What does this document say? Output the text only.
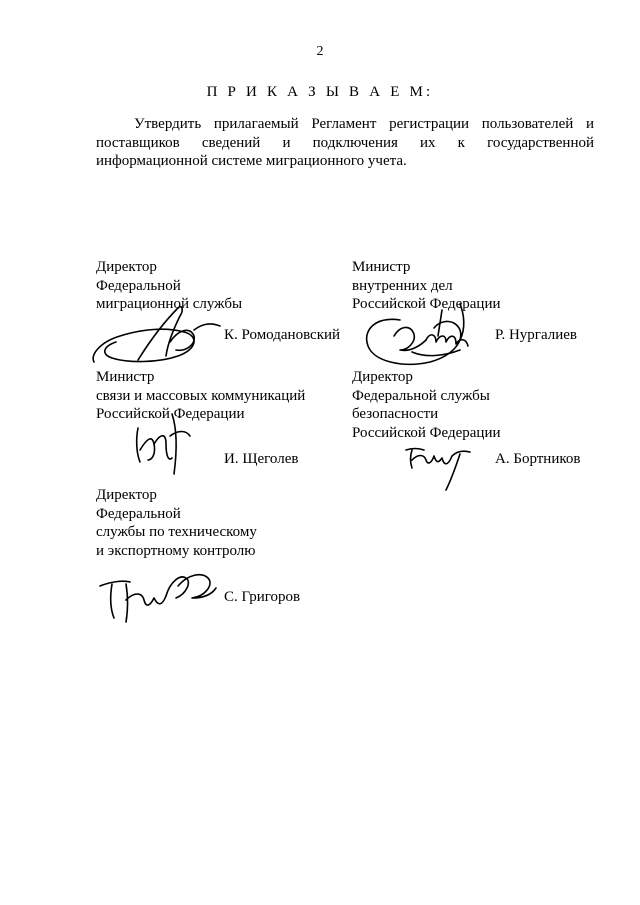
2
П Р И К А З Ы В А Е М:
Утвердить прилагаемый Регламент регистрации пользователей и поставщиков сведений и подключения их к государственной информационной системе миграционного учета.
Директор
Федеральной
миграционной службы
К. Ромодановский
Министр
внутренних дел
Российской Федерации
Р. Нургалиев
Министр
связи и массовых коммуникаций
Российской Федерации
И. Щеголев
Директор
Федеральной службы
безопасности
Российской Федерации
А. Бортников
Директор
Федеральной
службы по техническому
и экспортному контролю
С. Григоров
